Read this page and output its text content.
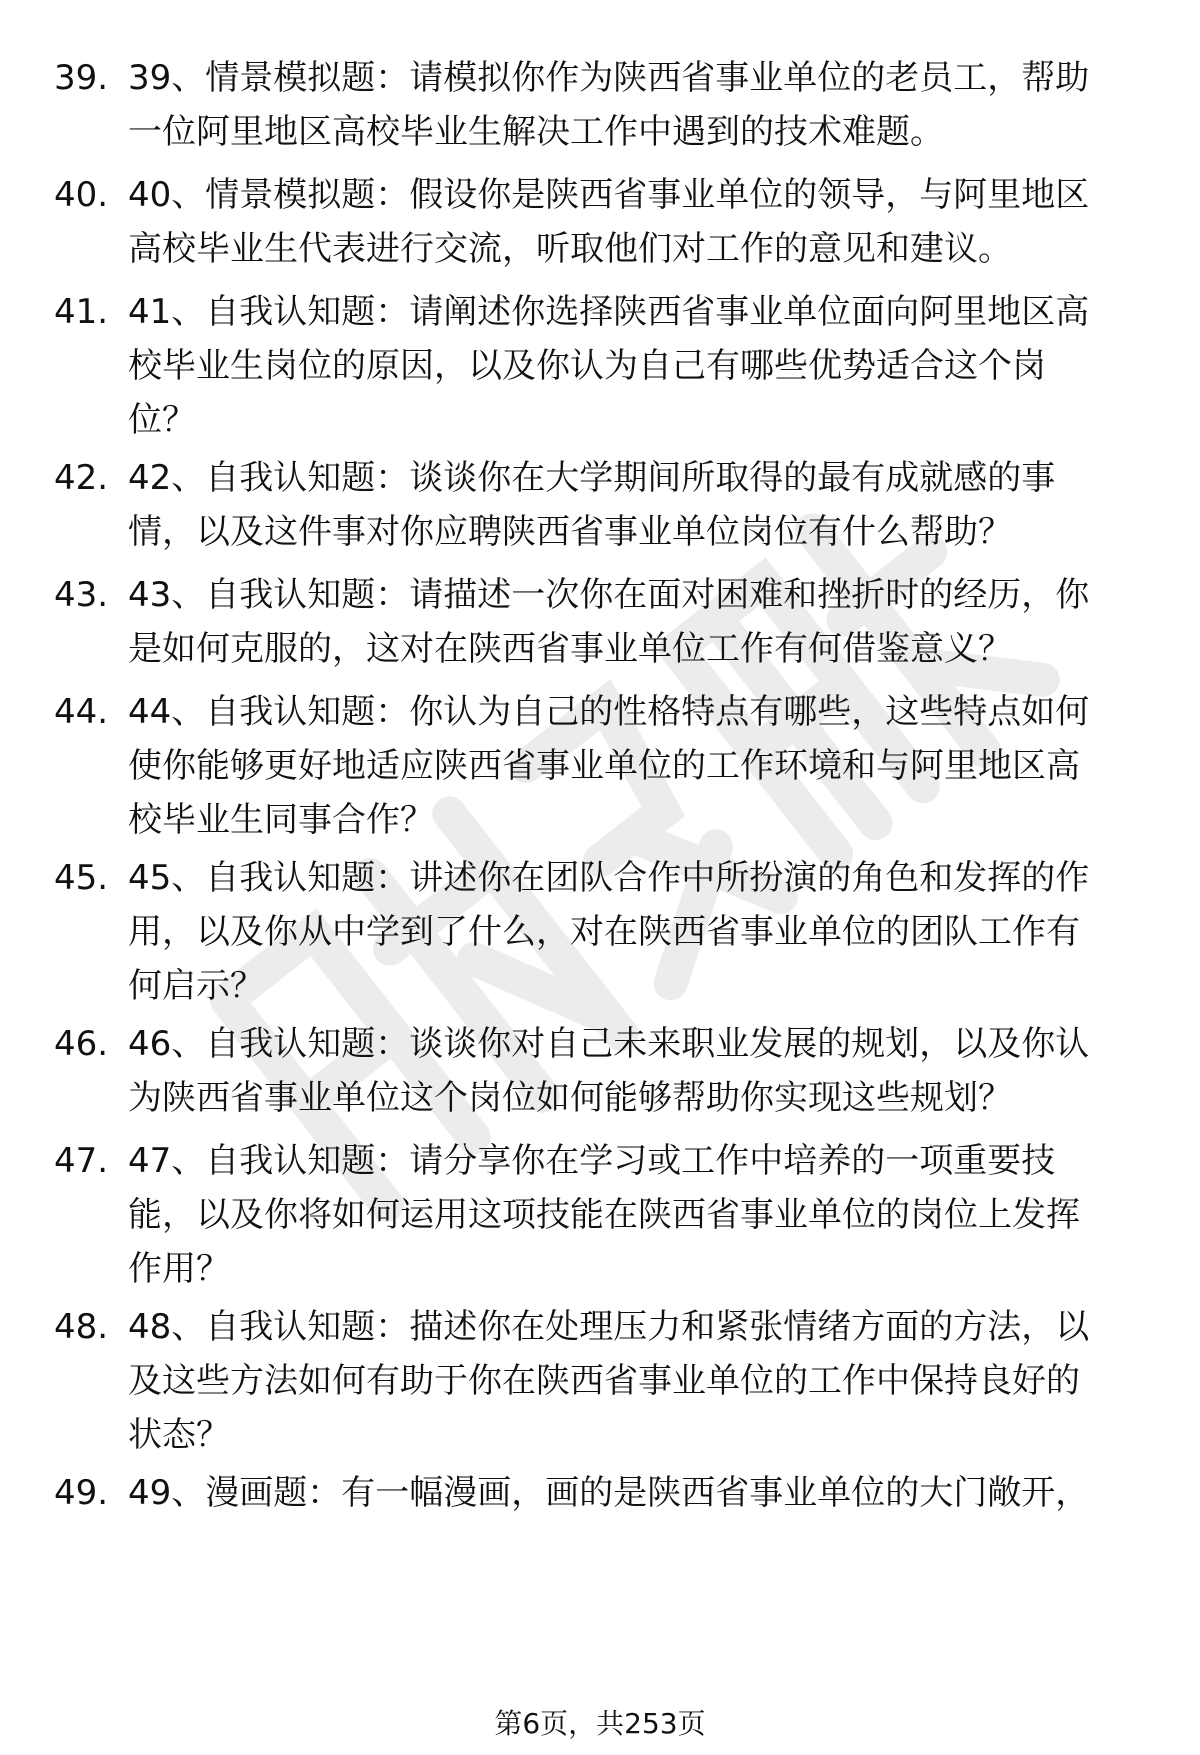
39. 39、情景模拟题：请模拟你作为陕西省事业单位的老员工，帮助
一位阿里地区高校毕业生解决工作中遇到的技术难题。
40. 40、情景模拟题：假设你是陕西省事业单位的领导，与阿里地区
高校毕业生代表进行交流，听取他们对工作的意见和建议。
41. 41、自我认知题：请阐述你选择陕西省事业单位面向阿里地区高
校毕业生岗位的原因，以及你认为自己有哪些优势适合这个岗
位？
42. 42、自我认知题：谈谈你在大学期间所取得的最有成就感的事
情，以及这件事对你应聘陕西省事业单位岗位有什么帮助？
43. 43、自我认知题：请描述一次你在面对困难和挫折时的经历，你
是如何克服的，这对在陕西省事业单位工作有何借鉴意义？
44. 44、自我认知题：你认为自己的性格特点有哪些，这些特点如何
使你能够更好地适应陕西省事业单位的工作环境和与阿里地区高
校毕业生同事合作？
45. 45、自我认知题：讲述你在团队合作中所扮演的角色和发挥的作
用，以及你从中学到了什么，对在陕西省事业单位的团队工作有
何启示？
46. 46、自我认知题：谈谈你对自己未来职业发展的规划，以及你认
为陕西省事业单位这个岗位如何能够帮助你实现这些规划？
47. 47、自我认知题：请分享你在学习或工作中培养的一项重要技
能，以及你将如何运用这项技能在陕西省事业单位的岗位上发挥
作用？
48. 48、自我认知题：描述你在处理压力和紧张情绪方面的方法，以
及这些方法如何有助于你在陕西省事业单位的工作中保持良好的
状态？
49. 49、漫画题：有一幅漫画，画的是陕西省事业单位的大门敞开，
第6页，共253页
